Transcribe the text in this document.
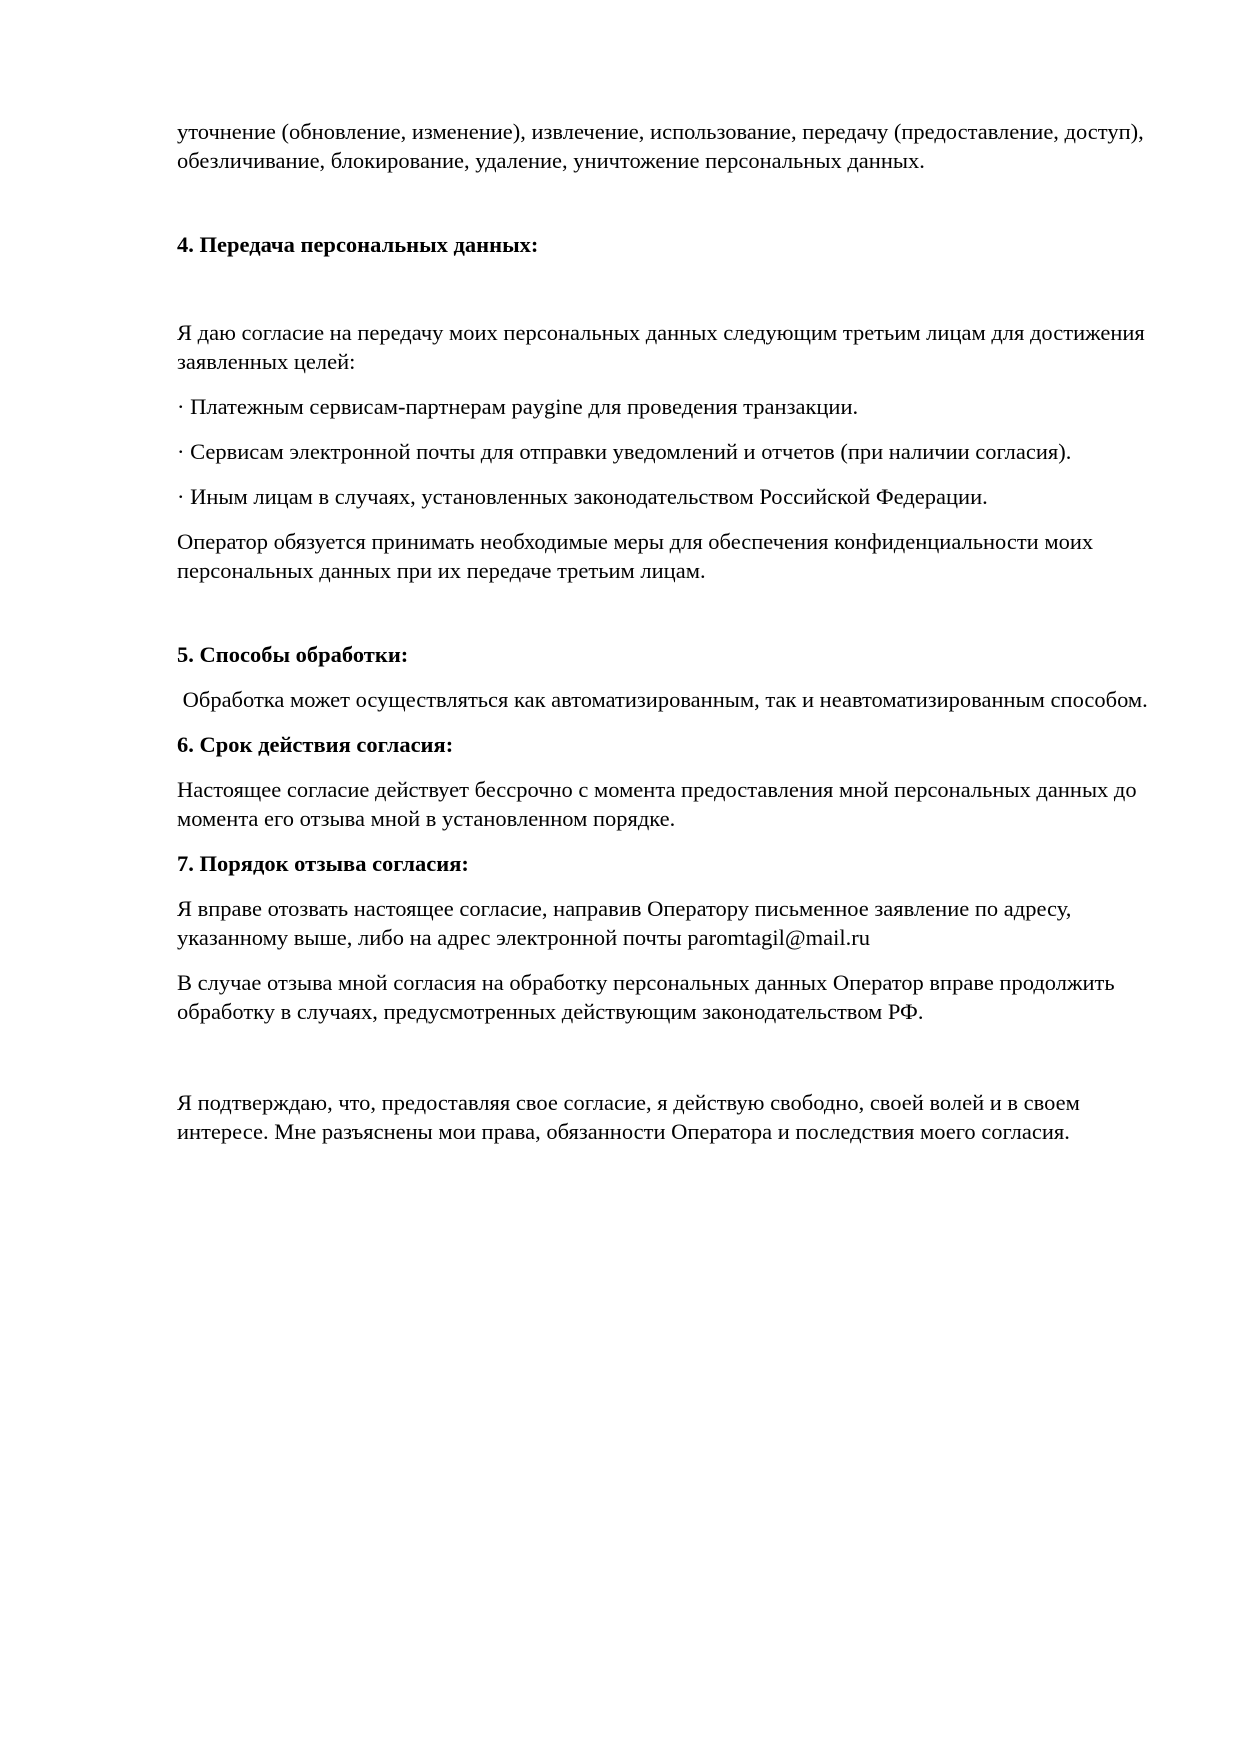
уточнение (обновление, изменение), извлечение, использование, передачу (предоставление, доступ), обезличивание, блокирование, удаление, уничтожение персональных данных.

4. Передача персональных данных:

Я даю согласие на передачу моих персональных данных следующим третьим лицам для достижения заявленных целей:

· Платежным сервисам-партнерам paygine для проведения транзакции.

· Сервисам электронной почты для отправки уведомлений и отчетов (при наличии согласия).

· Иным лицам в случаях, установленных законодательством Российской Федерации.

Оператор обязуется принимать необходимые меры для обеспечения конфиденциальности моих персональных данных при их передаче третьим лицам.

5. Способы обработки:

Обработка может осуществляться как автоматизированным, так и неавтоматизированным способом.

6. Срок действия согласия:

Настоящее согласие действует бессрочно с момента предоставления мной персональных данных до момента его отзыва мной в установленном порядке.

7. Порядок отзыва согласия:

Я вправе отозвать настоящее согласие, направив Оператору письменное заявление по адресу, указанному выше, либо на адрес электронной почты paromtagil@mail.ru

В случае отзыва мной согласия на обработку персональных данных Оператор вправе продолжить обработку в случаях, предусмотренных действующим законодательством РФ.

Я подтверждаю, что, предоставляя свое согласие, я действую свободно, своей волей и в своем интересе. Мне разъяснены мои права, обязанности Оператора и последствия моего согласия.
